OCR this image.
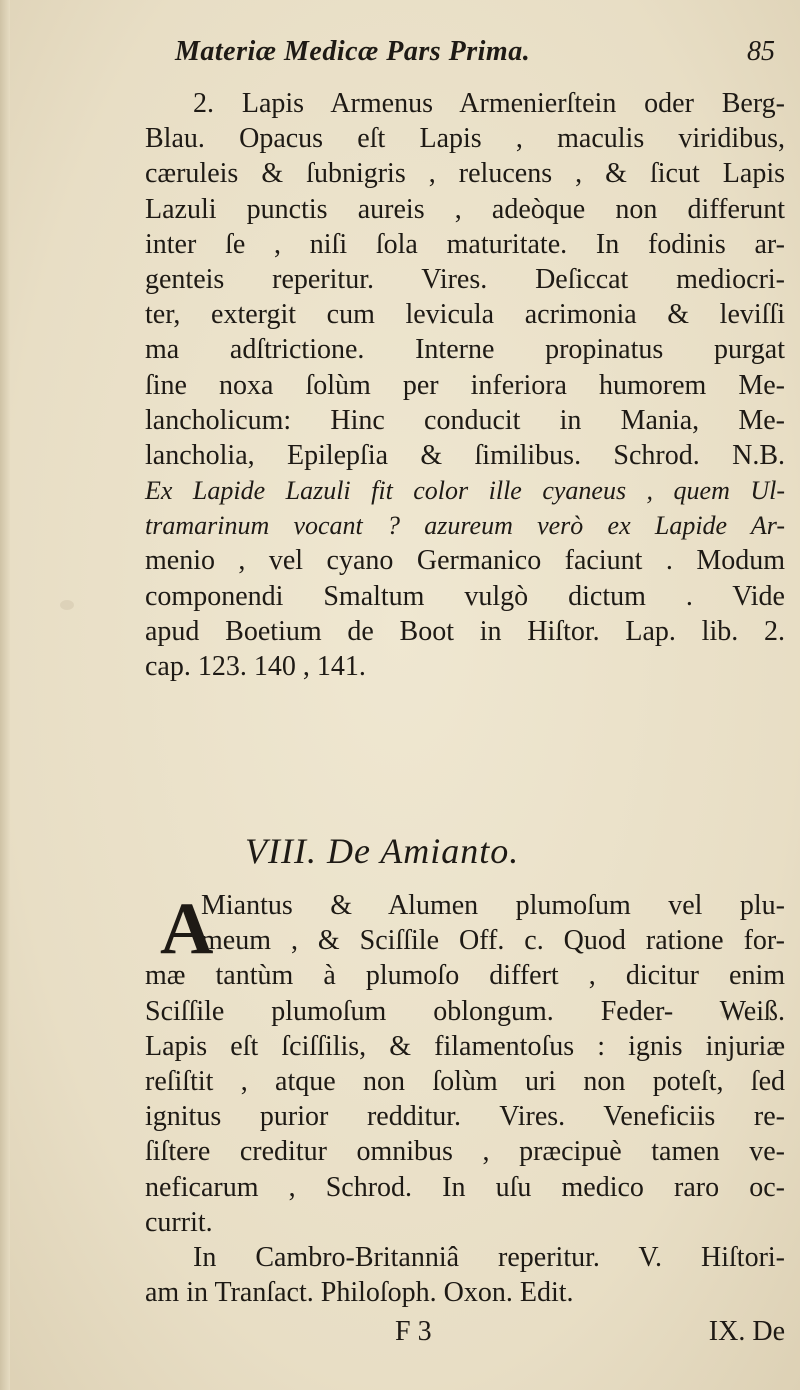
Materiæ Medicæ Pars Prima.	85
2. Lapis Armenus Armenierſtein oder Berg-
Blau. Opacus eſt Lapis , maculis viridibus,
cæruleis & ſubnigris , relucens , & ſicut Lapis
Lazuli punctis aureis , adeòque non differunt
inter ſe , niſi ſola maturitate. In fodinis ar-
genteis reperitur. Vires. Deſiccat mediocri-
ter, extergit cum levicula acrimonia & leviſſi
ma adſtrictione. Interne propinatus purgat
ſine noxa ſolùm per inferiora humorem Me-
lancholicum: Hinc conducit in Mania, Me-
lancholia, Epilepſia & ſimilibus. Schrod. N.B.
Ex Lapide Lazuli fit color ille cyaneus , quem Ul-
tramarinum vocant ? azureum verò ex Lapide Ar-
menio , vel cyano Germanico faciunt . Modum
componendi Smaltum vulgò dictum . Vide
apud Boetium de Boot in Hiſtor. Lap. lib. 2.
cap. 123. 140 , 141.
VIII. De Amianto.
A
Miantus & Alumen plumoſum vel plu-
meum , & Sciſſile Off. c. Quod ratione for-
mæ tantùm à plumoſo differt , dicitur enim
Sciſſile plumoſum oblongum. Feder- Weiß.
Lapis eſt ſciſſilis, & filamentoſus : ignis injuriæ
reſiſtit , atque non ſolùm uri non poteſt, ſed
ignitus purior redditur. Vires. Veneficiis re-
ſiſtere creditur omnibus , præcipuè tamen ve-
neficarum , Schrod. In uſu medico raro oc-
currit.
In Cambro-Britanniâ reperitur. V. Hiſtori-
am in Tranſact. Philoſoph. Oxon. Edit.
F 3	IX. De
